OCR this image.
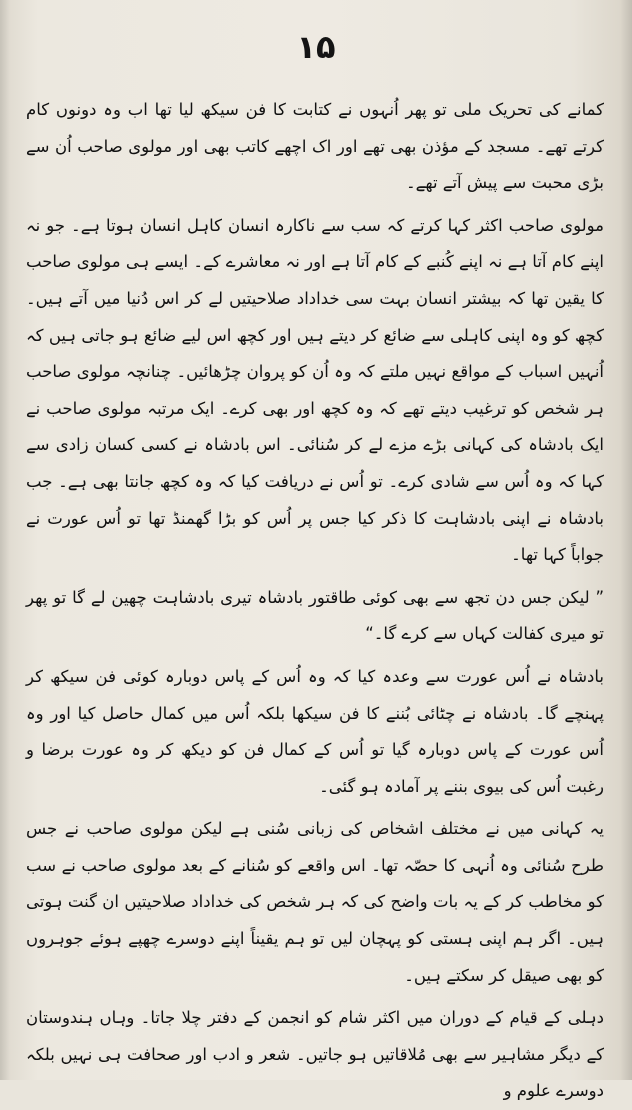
۱۵

کمانے کی تحریک ملی تو پھر اُنہوں نے کتابت کا فن سیکھ لیا تھا اب وہ دونوں کام کرتے تھے۔ مسجد کے مؤذن بھی تھے اور اک اچھے کاتب بھی اور مولوی صاحب اُن سے بڑی محبت سے پیش آتے تھے۔

مولوی صاحب اکثر کہا کرتے کہ سب سے ناکارہ انسان کاہل انسان ہوتا ہے۔ جو نہ اپنے کام آتا ہے نہ اپنے کُنبے کے کام آتا ہے اور نہ معاشرے کے۔ ایسے ہی مولوی صاحب کا یقین تھا کہ بیشتر انسان بہت سی خداداد صلاحیتیں لے کر اس دُنیا میں آتے ہیں۔ کچھ کو وہ اپنی کاہلی سے ضائع کر دیتے ہیں اور کچھ اس لیے ضائع ہو جاتی ہیں کہ اُنہیں اسباب کے مواقع نہیں ملتے کہ وہ اُن کو پروان چڑھائیں۔ چنانچہ مولوی صاحب ہر شخص کو ترغیب دیتے تھے کہ وہ کچھ اور بھی کرے۔ ایک مرتبہ مولوی صاحب نے ایک بادشاہ کی کہانی بڑے مزے لے کر سُنائی۔ اس بادشاہ نے کسی کسان زادی سے کہا کہ وہ اُس سے شادی کرے۔ تو اُس نے دریافت کیا کہ وہ کچھ جانتا بھی ہے۔ جب بادشاہ نے اپنی بادشاہت کا ذکر کیا جس پر اُس کو بڑا گھمنڈ تھا تو اُس عورت نے جواباً کہا تھا۔

” لیکن جس دن تجھ سے بھی کوئی طاقتور بادشاہ تیری بادشاہت چھین لے گا تو پھر تو میری کفالت کہاں سے کرے گا۔“

بادشاہ نے اُس عورت سے وعدہ کیا کہ وہ اُس کے پاس دوبارہ کوئی فن سیکھ کر پہنچے گا۔ بادشاہ نے چٹائی بُننے کا فن سیکھا بلکہ اُس میں کمال حاصل کیا اور وہ اُس عورت کے پاس دوبارہ گیا تو اُس کے کمال فن کو دیکھ کر وہ عورت برضا و رغبت اُس کی بیوی بننے پر آمادہ ہو گئی۔

یہ کہانی میں نے مختلف اشخاص کی زبانی سُنی ہے لیکن مولوی صاحب نے جس طرح سُنائی وہ اُنہی کا حصّہ تھا۔ اس واقعے کو سُنانے کے بعد مولوی صاحب نے سب کو مخاطب کر کے یہ بات واضح کی کہ ہر شخص کی خداداد صلاحیتیں ان گنت ہوتی ہیں۔ اگر ہم اپنی ہستی کو پہچان لیں تو ہم یقیناً اپنے دوسرے چھپے ہوئے جوہروں کو بھی صیقل کر سکتے ہیں۔

دہلی کے قیام کے دوران میں اکثر شام کو انجمن کے دفتر چلا جاتا۔ وہاں ہندوستان کے دیگر مشاہیر سے بھی مُلاقاتیں ہو جاتیں۔ شعر و ادب اور صحافت ہی نہیں بلکہ دوسرے علوم و
